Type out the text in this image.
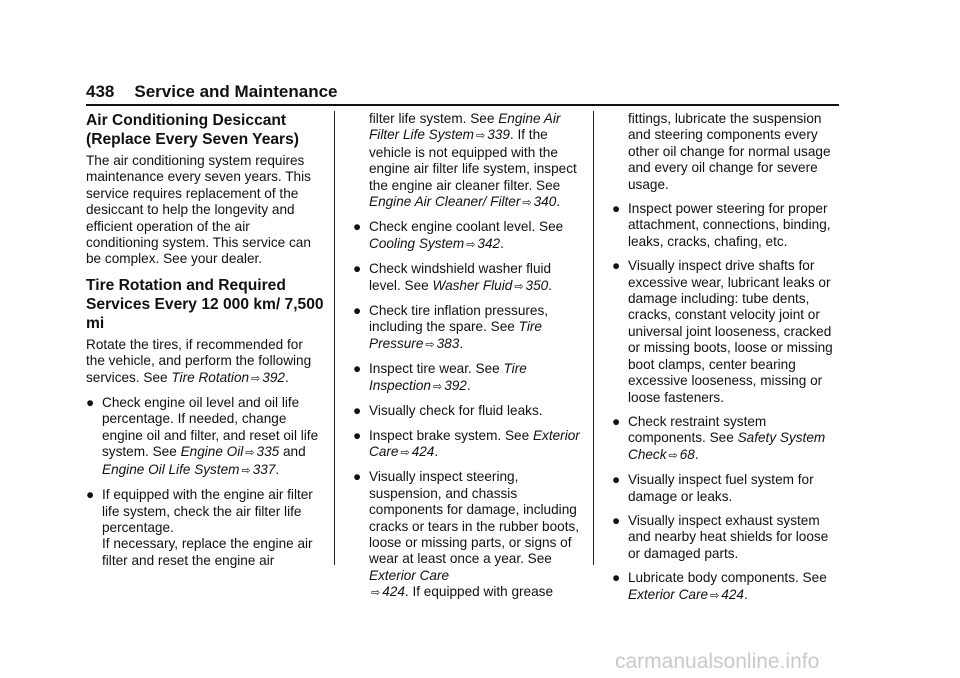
438 Service and Maintenance
Air Conditioning Desiccant (Replace Every Seven Years)

The air conditioning system requires maintenance every seven years. This service requires replacement of the desiccant to help the longevity and efficient operation of the air conditioning system. This service can be complex. See your dealer.

Tire Rotation and Required Services Every 12 000 km/ 7,500 mi

Rotate the tires, if recommended for the vehicle, and perform the following services. See Tire Rotation ⇨ 392.

● Check engine oil level and oil life percentage. If needed, change engine oil and filter, and reset oil life system. See Engine Oil ⇨ 335 and
Engine Oil Life System ⇨ 337.
● If equipped with the engine air filter life system, check the air filter life percentage.
If necessary, replace the engine air filter and reset the engine air
filter life system. See Engine Air Filter Life System ⇨ 339. If the vehicle is not equipped with the engine air filter life system, inspect the engine air cleaner filter. See Engine Air Cleaner/ Filter ⇨ 340.
● Check engine coolant level. See Cooling System ⇨ 342.
● Check windshield washer fluid level. See Washer Fluid ⇨ 350.
● Check tire inflation pressures, including the spare. See Tire Pressure ⇨ 383.
● Inspect tire wear. See Tire Inspection ⇨ 392.
● Visually check for fluid leaks.
● Inspect brake system. See Exterior Care ⇨ 424.
● Visually inspect steering, suspension, and chassis components for damage, including cracks or tears in the rubber boots, loose or missing parts, or signs of wear at least once a year. See Exterior Care
⇨ 424. If equipped with grease
fittings, lubricate the suspension and steering components every other oil change for normal usage and every oil change for severe usage.
● Inspect power steering for proper attachment, connections, binding, leaks, cracks, chafing, etc.
● Visually inspect drive shafts for excessive wear, lubricant leaks or damage including: tube dents, cracks, constant velocity joint or universal joint looseness, cracked or missing boots, loose or missing boot clamps, center bearing excessive looseness, missing or loose fasteners.
● Check restraint system components. See Safety System Check ⇨ 68.
● Visually inspect fuel system for damage or leaks.
● Visually inspect exhaust system and nearby heat shields for loose or damaged parts.
● Lubricate body components. See Exterior Care ⇨ 424.
carmanualsonline.info
